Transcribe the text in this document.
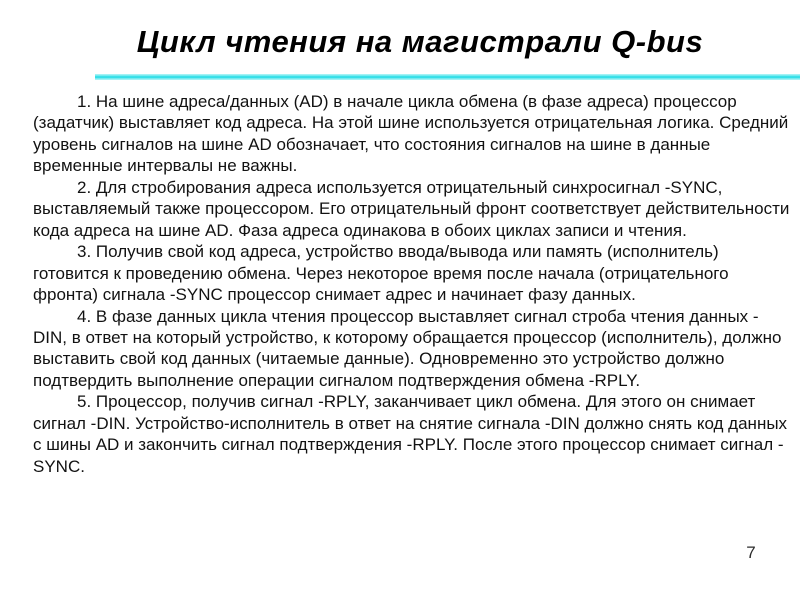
Цикл чтения на магистрали Q-bus

1. На шине адреса/данных (AD) в начале цикла обмена (в фазе адреса) процессор (задатчик) выставляет код адреса. На этой шине используется отрицательная логика. Средний уровень сигналов на шине AD обозначает, что состояния сигналов на шине в данные временные интервалы не важны.

2. Для стробирования адреса используется отрицательный синхросигнал -SYNC, выставляемый также процессором. Его отрицательный фронт соответствует действительности кода адреса на шине AD. Фаза адреса одинакова в обоих циклах записи и чтения.

3. Получив свой код адреса, устройство ввода/вывода или память (исполнитель) готовится к проведению обмена. Через некоторое время после начала (отрицательного фронта) сигнала -SYNC процессор снимает адрес и начинает фазу данных.

4. В фазе данных цикла чтения процессор выставляет сигнал строба чтения данных -DIN, в ответ на который устройство, к которому обращается процессор (исполнитель), должно выставить свой код данных (читаемые данные). Одновременно это устройство должно подтвердить выполнение операции сигналом подтверждения обмена -RPLY.

5. Процессор, получив сигнал -RPLY, заканчивает цикл обмена. Для этого он снимает сигнал -DIN. Устройство-исполнитель в ответ на снятие сигнала -DIN должно снять код данных с шины AD и закончить сигнал подтверждения -RPLY. После этого процессор снимает сигнал -SYNC.

7
